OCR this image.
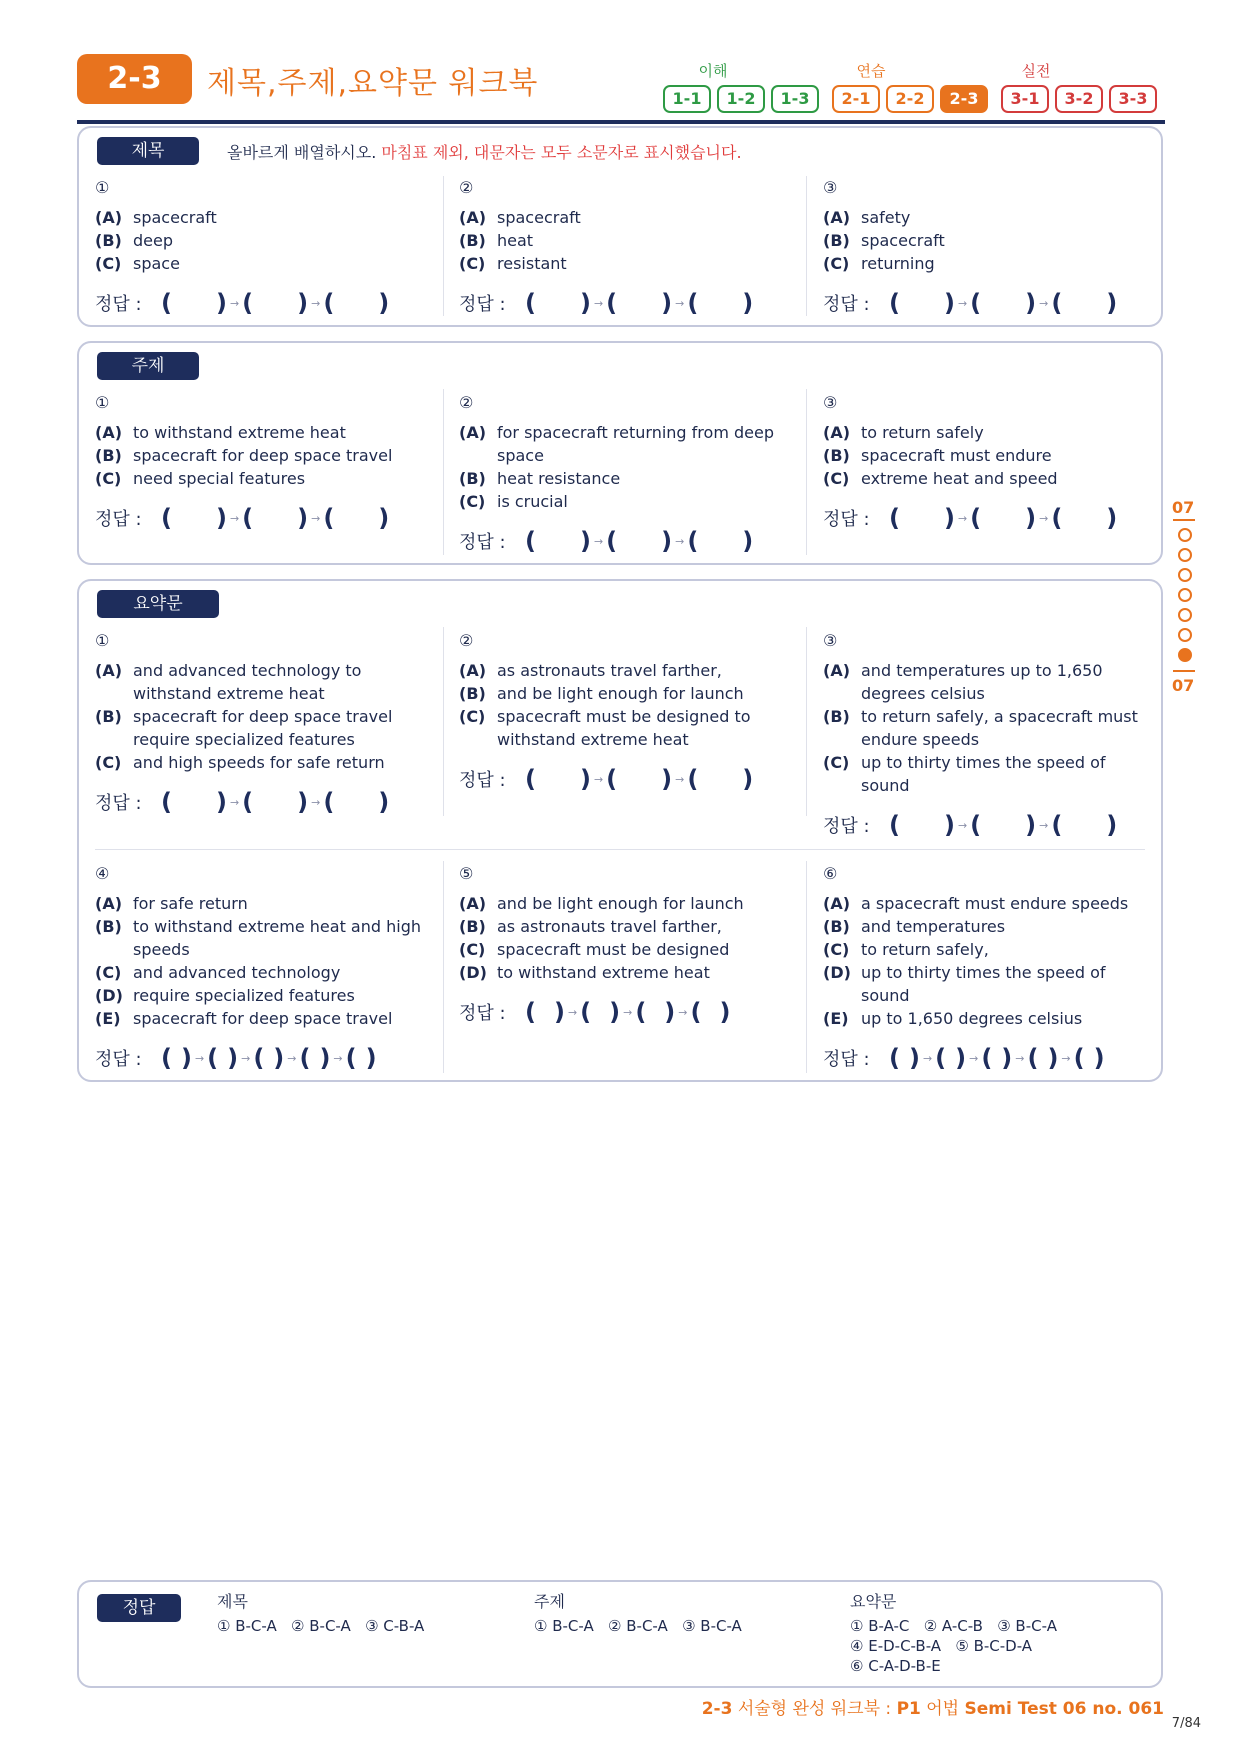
2-3	제목,주제,요약문 워크북	이해	연습	실전
1-1	1-2	1-3	2-1	2-2	2-3	3-1	3-2	3-3
제목	올바르게 배열하시오. 마침표 제외, 대문자는 모두 소문자로 표시했습니다.
①
(A) spacecraft
(B) deep
(C) space
정답 : ( ) → ( ) → ( )
②
(A) spacecraft
(B) heat
(C) resistant
정답 : ( ) → ( ) → ( )
③
(A) safety
(B) spacecraft
(C) returning
정답 : ( ) → ( ) → ( )
주제
①
(A) to withstand extreme heat
(B) spacecraft for deep space travel
(C) need special features
정답 : ( ) → ( ) → ( )
②
(A) for spacecraft returning from deep space
(B) heat resistance
(C) is crucial
정답 : ( ) → ( ) → ( )
③
(A) to return safely
(B) spacecraft must endure
(C) extreme heat and speed
정답 : ( ) → ( ) → ( )
요약문
①
(A) and advanced technology to withstand extreme heat
(B) spacecraft for deep space travel require specialized features
(C) and high speeds for safe return
정답 : ( ) → ( ) → ( )
②
(A) as astronauts travel farther,
(B) and be light enough for launch
(C) spacecraft must be designed to withstand extreme heat
정답 : ( ) → ( ) → ( )
③
(A) and temperatures up to 1,650 degrees celsius
(B) to return safely, a spacecraft must endure speeds
(C) up to thirty times the speed of sound
정답 : ( ) → ( ) → ( )
④
(A) for safe return
(B) to withstand extreme heat and high speeds
(C) and advanced technology
(D) require specialized features
(E) spacecraft for deep space travel
정답 : ( ) → ( ) → ( ) → ( ) → ( )
⑤
(A) and be light enough for launch
(B) as astronauts travel farther,
(C) spacecraft must be designed
(D) to withstand extreme heat
정답 : ( ) → ( ) → ( ) → ( )
⑥
(A) a spacecraft must endure speeds
(B) and temperatures
(C) to return safely,
(D) up to thirty times the speed of sound
(E) up to 1,650 degrees celsius
정답 : ( ) → ( ) → ( ) → ( ) → ( )
07
07
정답	제목
① B-C-A   ② B-C-A   ③ C-B-A
주제
① B-C-A   ② B-C-A   ③ B-C-A
요약문
① B-A-C   ② A-C-B   ③ B-C-A
④ E-D-C-B-A   ⑤ B-C-D-A
⑥ C-A-D-B-E
2-3 서술형 완성 워크북 : P1 어법 Semi Test 06 no. 061
7/84
